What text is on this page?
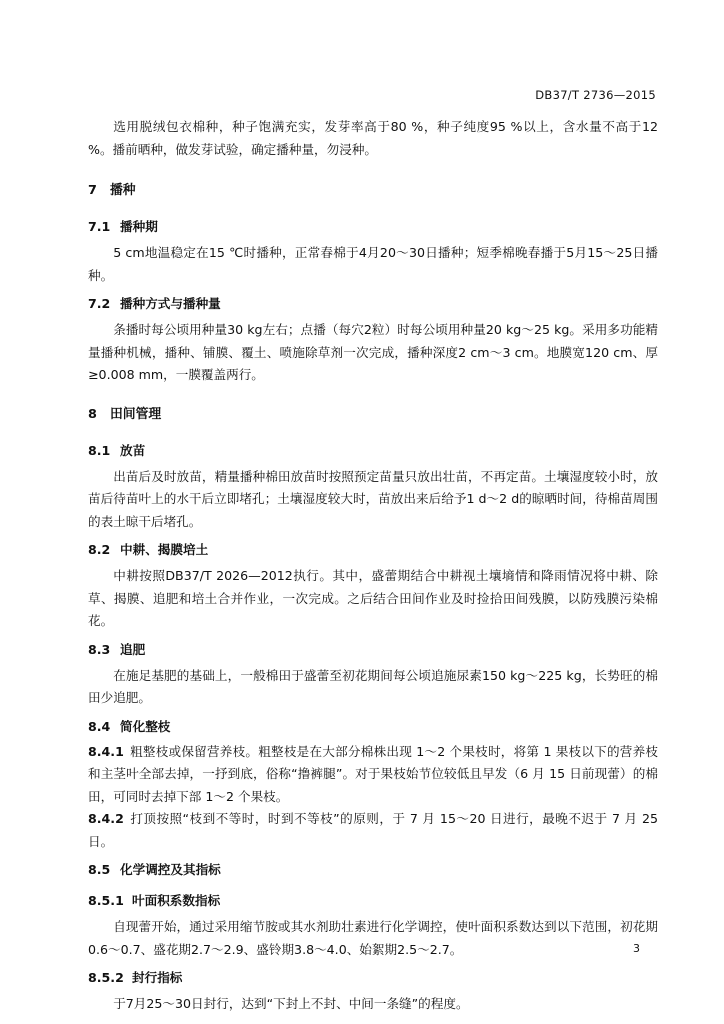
DB37/T 2736—2015

选用脱绒包衣棉种，种子饱满充实，发芽率高于80 %，种子纯度95 %以上，含水量不高于12 %。播前晒种，做发芽试验，确定播种量，勿浸种。

7 播种
7.1 播种期

5 cm地温稳定在15 ℃时播种，正常春棉于4月20～30日播种；短季棉晚春播于5月15～25日播种。

7.2 播种方式与播种量

条播时每公顷用种量30 kg左右；点播（每穴2粒）时每公顷用种量20 kg～25 kg。采用多功能精量播种机械，播种、铺膜、覆土、喷施除草剂一次完成，播种深度2 cm～3 cm。地膜宽120 cm、厚≥0.008 mm，一膜覆盖两行。

8 田间管理
8.1 放苗

出苗后及时放苗，精量播种棉田放苗时按照预定苗量只放出壮苗，不再定苗。土壤湿度较小时，放苗后待苗叶上的水干后立即堵孔；土壤湿度较大时，苗放出来后给予1 d～2 d的晾晒时间，待棉苗周围的表土晾干后堵孔。

8.2 中耕、揭膜培土

中耕按照DB37/T 2026—2012执行。其中，盛蕾期结合中耕视土壤墒情和降雨情况将中耕、除草、揭膜、追肥和培土合并作业，一次完成。之后结合田间作业及时捡拾田间残膜，以防残膜污染棉花。

8.3 追肥

在施足基肥的基础上，一般棉田于盛蕾至初花期间每公顷追施尿素150 kg～225 kg，长势旺的棉田少追肥。

8.4 简化整枝

8.4.1 粗整枝或保留营养枝。粗整枝是在大部分棉株出现 1～2 个果枝时，将第 1 果枝以下的营养枝和主茎叶全部去掉，一抒到底，俗称“撸裤腿”。对于果枝始节位较低且早发（6 月 15 日前现蕾）的棉田，可同时去掉下部 1～2 个果枝。

8.4.2 打顶按照“枝到不等时，时到不等枝”的原则，于 7 月 15～20 日进行，最晚不迟于 7 月 25 日。

8.5 化学调控及其指标
8.5.1 叶面积系数指标

自现蕾开始，通过采用缩节胺或其水剂助壮素进行化学调控，使叶面积系数达到以下范围，初花期0.6～0.7、盛花期2.7～2.9、盛铃期3.8～4.0、始絮期2.5～2.7。

8.5.2 封行指标

于7月25～30日封行，达到“下封上不封、中间一条缝”的程度。

3
